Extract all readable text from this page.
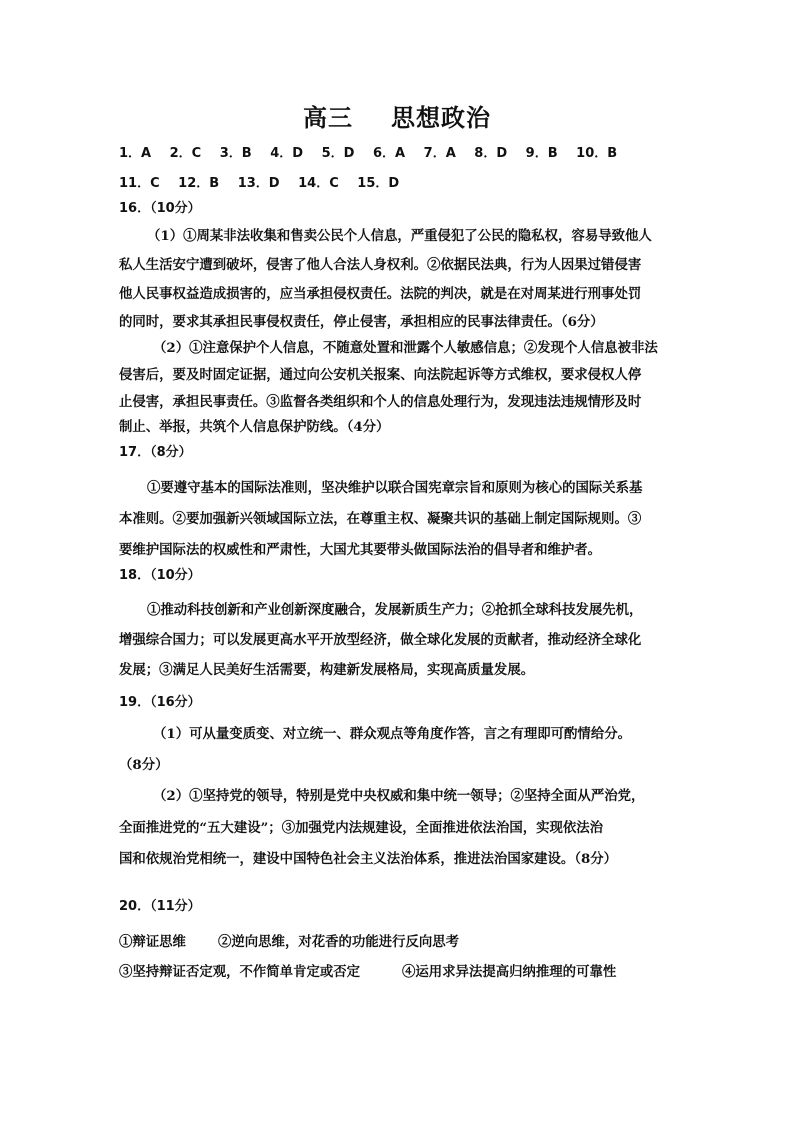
高三 思想政治
1．A 2．C 3．B 4．D 5．D 6．A 7．A 8．D 9．B 10．B
11．C 12．B 13．D 14．C 15．D
16．（10分）
（1）①周某非法收集和售卖公民个人信息，严重侵犯了公民的隐私权，容易导致他人
私人生活安宁遭到破坏，侵害了他人合法人身权利。②依据民法典，行为人因果过错侵害
他人民事权益造成损害的，应当承担侵权责任。法院的判决，就是在对周某进行刑事处罚
的同时，要求其承担民事侵权责任，停止侵害，承担相应的民事法律责任。（6分）
（2）①注意保护个人信息，不随意处置和泄露个人敏感信息；②发现个人信息被非法
侵害后，要及时固定证据，通过向公安机关报案、向法院起诉等方式维权，要求侵权人停
止侵害，承担民事责任。③监督各类组织和个人的信息处理行为，发现违法违规情形及时
制止、举报，共筑个人信息保护防线。（4分）
17．（8分）
①要遵守基本的国际法准则，坚决维护以联合国宪章宗旨和原则为核心的国际关系基
本准则。②要加强新兴领域国际立法，在尊重主权、凝聚共识的基础上制定国际规则。③
要维护国际法的权威性和严肃性，大国尤其要带头做国际法治的倡导者和维护者。
18．（10分）
①推动科技创新和产业创新深度融合，发展新质生产力；②抢抓全球科技发展先机，
增强综合国力；可以发展更高水平开放型经济，做全球化发展的贡献者，推动经济全球化
发展；③满足人民美好生活需要，构建新发展格局，实现高质量发展。
19．（16分）
（1）可从量变质变、对立统一、群众观点等角度作答，言之有理即可酌情给分。
（8分）
（2）①坚持党的领导，特别是党中央权威和集中统一领导；②坚持全面从严治党，
全面推进党的“五大建设”；③加强党内法规建设，全面推进依法治国，实现依法治
国和依规治党相统一，建设中国特色社会主义法治体系，推进法治国家建设。（8分）
20．（11分）
①辩证思维 ②逆向思维，对花香的功能进行反向思考
③坚持辩证否定观，不作简单肯定或否定	④运用求异法提高归纳推理的可靠性
